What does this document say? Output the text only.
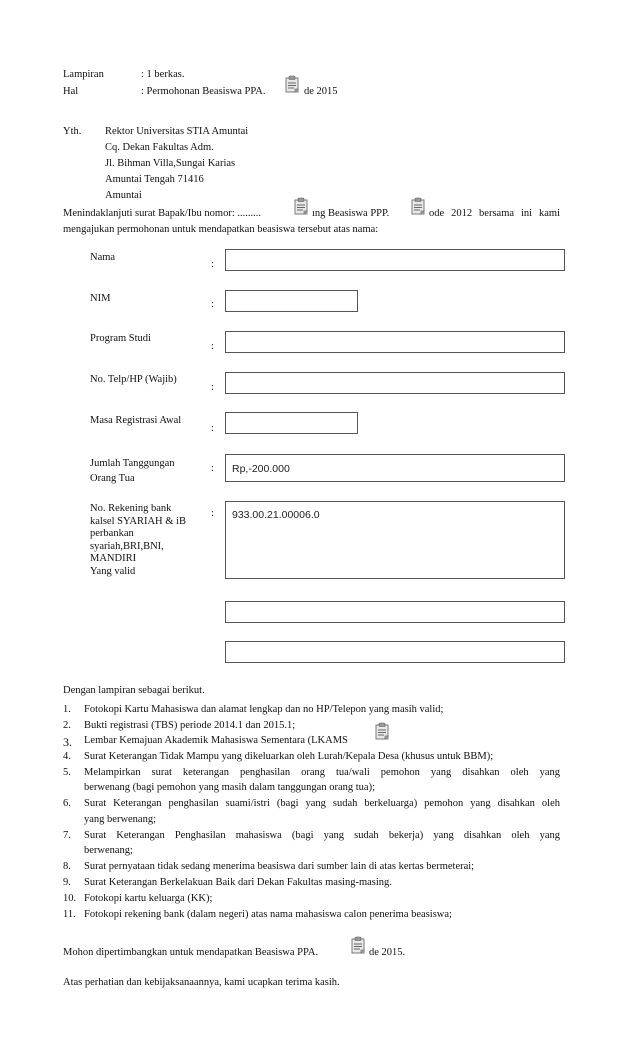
Lampiran	: 1 berkas.
Hal	: Permohonan Beasiswa PPA.	de 2015
Yth. Rektor Universitas STIA Amuntai
Cq. Dekan Fakultas Adm.
Jl. Bihman Villa,Sungai Karias
Amuntai Tengah 71416
Amuntai
Menindaklanjuti surat Bapak/Ibu nomor: .........	ıng Beasiswa PPP.	ode 2012 bersama ini kami
mengajukan permohonan untuk mendapatkan beasiswa tersebut atas nama:
Nama
:
NIM
:
Program Studi
:
No. Telp/HP (Wajib)
:
Masa Registrasi Awal
:
Jumlah Tanggungan
Orang Tua
: Rp,-200.000
No. Rekening bank
kalsel SYARIAH & iB
perbankan
syariah,BRI,BNI,
MANDIRI
Yang valid
: 933.00.21.00006.0
Dengan lampiran sebagai berikut.
1. Fotokopi Kartu Mahasiswa dan alamat lengkap dan no HP/Telepon yang masih valid;
2. Bukti registrasi (TBS) periode 2014.1 dan 2015.1;
3. Lembar Kemajuan Akademik Mahasiswa Sementara (LKAMS
4. Surat Keterangan Tidak Mampu yang dikeluarkan oleh Lurah/Kepala Desa (khusus untuk BBM);
5. Melampirkan surat keterangan penghasilan orang tua/wali pemohon yang disahkan oleh yang
berwenang (bagi pemohon yang masih dalam tanggungan orang tua);
6. Surat Keterangan penghasilan suami/istri (bagi yang sudah berkeluarga) pemohon yang disahkan oleh
yang berwenang;
7. Surat Keterangan Penghasilan mahasiswa (bagi yang sudah bekerja) yang disahkan oleh yang
berwenang;
8. Surat pernyataan tidak sedang menerima beasiswa dari sumber lain di atas kertas bermeterai;
9. Surat Keterangan Berkelakuan Baik dari Dekan Fakultas masing-masing.
10. Fotokopi kartu keluarga (KK);
11. Fotokopi rekening bank (dalam negeri) atas nama mahasiswa calon penerima beasiswa;
Mohon dipertimbangkan untuk mendapatkan Beasiswa PPA.	de 2015.
Atas perhatian dan kebijaksanaannya, kami ucapkan terima kasih.
